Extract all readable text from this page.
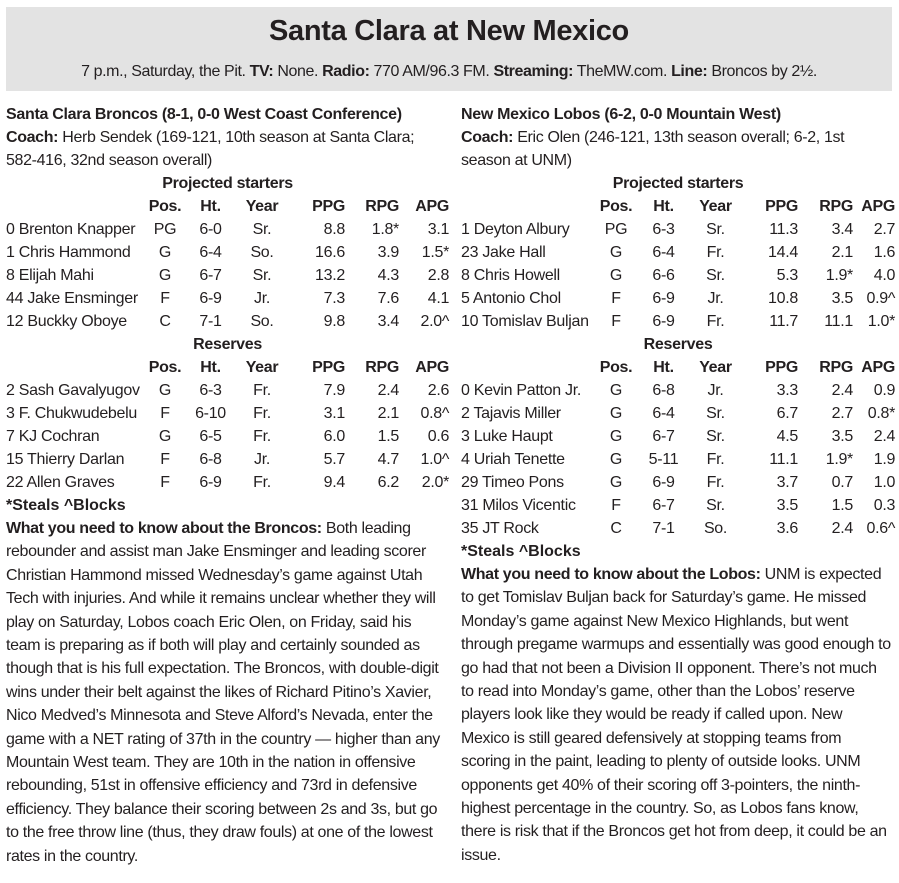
Santa Clara at New Mexico
7 p.m., Saturday, the Pit. TV: None. Radio: 770 AM/96.3 FM. Streaming: TheMW.com. Line: Broncos by 2½.
Santa Clara Broncos (8-1, 0-0 West Coast Conference)
Coach: Herb Sendek (169-121, 10th season at Santa Clara; 582-416, 32nd season overall)
Projected starters						
	Pos.	Ht.	Year	PPG	RPG	APG
0 Brenton Knapper	PG	6-0	Sr.	8.8	1.8*	3.1
1 Chris Hammond	G	6-4	So.	16.6	3.9	1.5*
8 Elijah Mahi	G	6-7	Sr.	13.2	4.3	2.8
44 Jake Ensminger	F	6-9	Jr.	7.3	7.6	4.1
12 Buckky Oboye	C	7-1	So.	9.8	3.4	2.0^
Reserves						
	Pos.	Ht.	Year	PPG	RPG	APG
2 Sash Gavalyugov	G	6-3	Fr.	7.9	2.4	2.6
3 F. Chukwudebelu	F	6-10	Fr.	3.1	2.1	0.8^
7 KJ Cochran	G	6-5	Fr.	6.0	1.5	0.6
15 Thierry Darlan	F	6-8	Jr.	5.7	4.7	1.0^
22 Allen Graves	F	6-9	Fr.	9.4	6.2	2.0*
*Steals ^Blocks
What you need to know about the Broncos: Both leading rebounder and assist man Jake Ensminger and leading scorer Christian Hammond missed Wednesday’s game against Utah Tech with injuries. And while it remains unclear whether they will play on Saturday, Lobos coach Eric Olen, on Friday, said his team is preparing as if both will play and certainly sounded as though that is his full expectation. The Broncos, with double-digit wins under their belt against the likes of Richard Pitino’s Xavier, Nico Medved’s Minnesota and Steve Alford’s Nevada, enter the game with a NET rating of 37th in the country — higher than any Mountain West team. They are 10th in the nation in offensive rebounding, 51st in offensive efficiency and 73rd in defensive efficiency. They balance their scoring between 2s and 3s, but go to the free throw line (thus, they draw fouls) at one of the lowest rates in the country.
New Mexico Lobos (6-2, 0-0 Mountain West)
Coach: Eric Olen (246-121, 13th season overall; 6-2, 1st season at UNM)
Projected starters						
	Pos.	Ht.	Year	PPG	RPG	APG
1 Deyton Albury	PG	6-3	Sr.	11.3	3.4	2.7
23 Jake Hall	G	6-4	Fr.	14.4	2.1	1.6
8 Chris Howell	G	6-6	Sr.	5.3	1.9*	4.0
5 Antonio Chol	F	6-9	Jr.	10.8	3.5	0.9^
10 Tomislav Buljan	F	6-9	Fr.	11.7	11.1	1.0*
Reserves						
	Pos.	Ht.	Year	PPG	RPG	APG
0 Kevin Patton Jr.	G	6-8	Jr.	3.3	2.4	0.9
2 Tajavis Miller	G	6-4	Sr.	6.7	2.7	0.8*
3 Luke Haupt	G	6-7	Sr.	4.5	3.5	2.4
4 Uriah Tenette	G	5-11	Fr.	11.1	1.9*	1.9
29 Timeo Pons	G	6-9	Fr.	3.7	0.7	1.0
31 Milos Vicentic	F	6-7	Sr.	3.5	1.5	0.3
35 JT Rock	C	7-1	So.	3.6	2.4	0.6^
*Steals ^Blocks
What you need to know about the Lobos: UNM is expected to get Tomislav Buljan back for Saturday’s game. He missed Monday’s game against New Mexico Highlands, but went through pregame warmups and essentially was good enough to go had that not been a Division II opponent. There’s not much to read into Monday’s game, other than the Lobos’ reserve players look like they would be ready if called upon. New Mexico is still geared defensively at stopping teams from scoring in the paint, leading to plenty of outside looks. UNM opponents get 40% of their scoring off 3-pointers, the ninth-highest percentage in the country. So, as Lobos fans know, there is risk that if the Broncos get hot from deep, it could be an issue.
